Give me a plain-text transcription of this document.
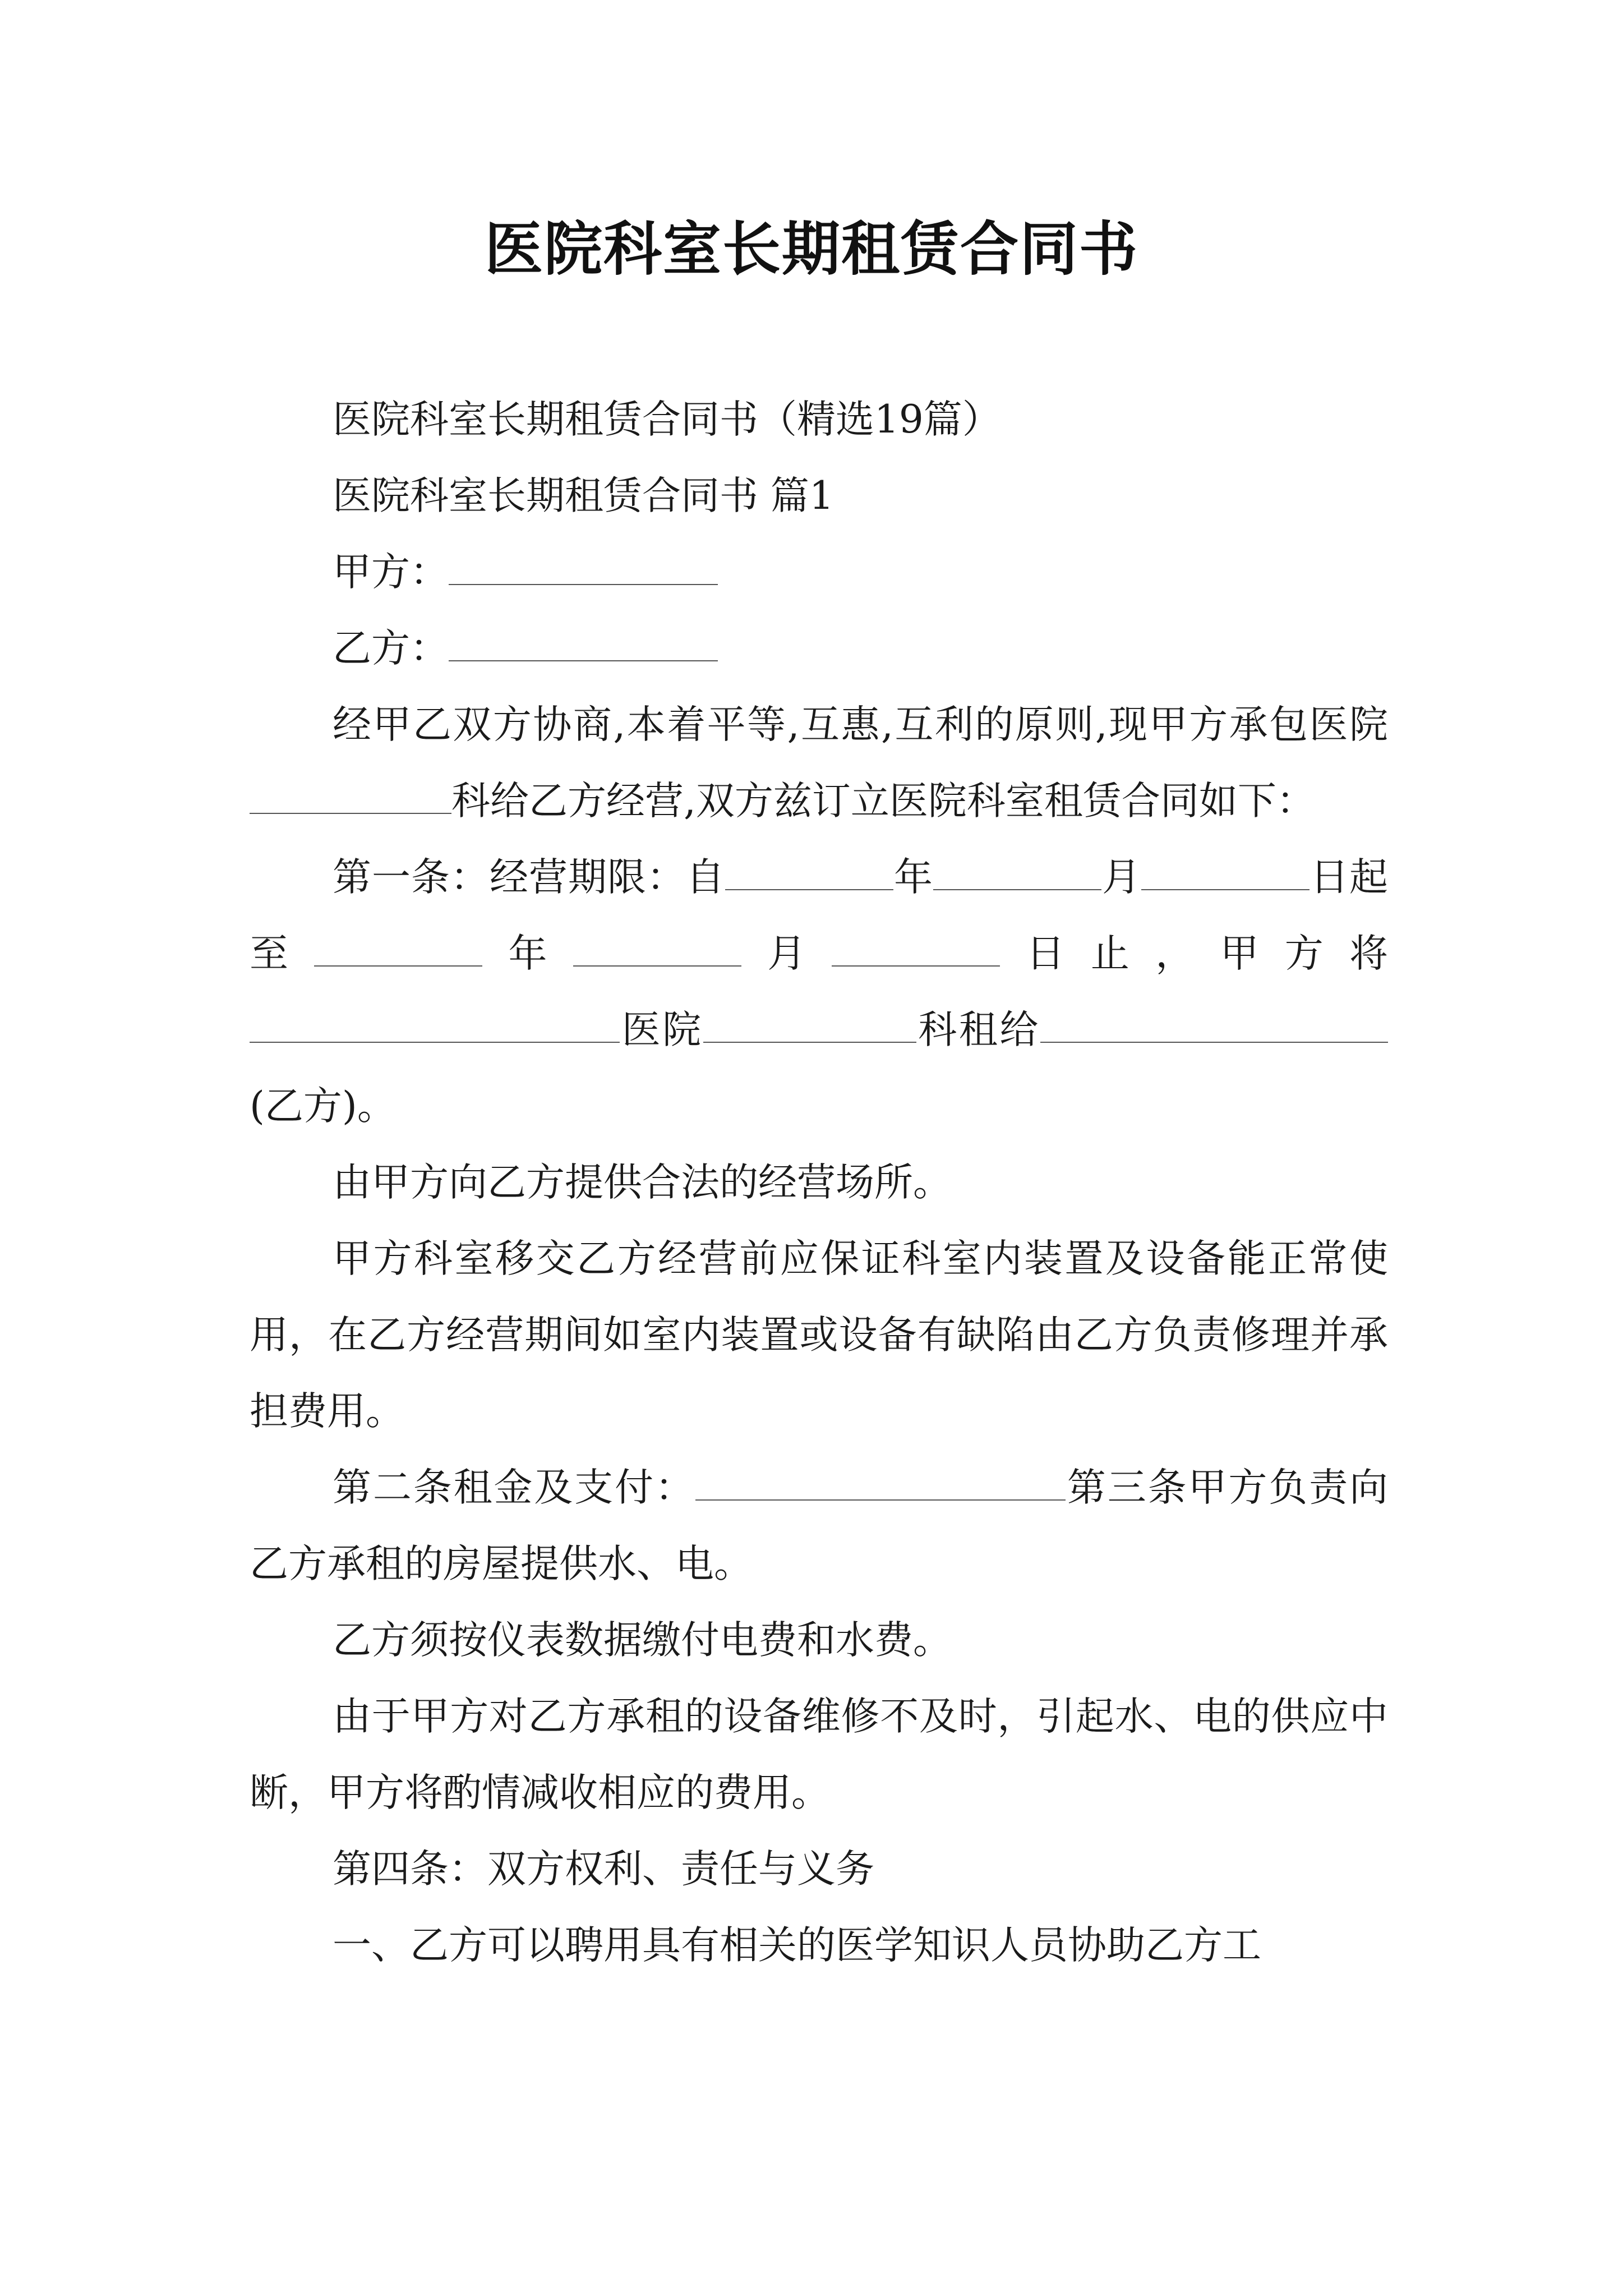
医院科室长期租赁合同书

医院科室长期租赁合同书（精选19篇）

医院科室长期租赁合同书 篇1

甲方：

乙方：

经甲乙双方协商,本着平等,互惠,互利的原则,现甲方承包医院科给乙方经营,双方兹订立医院科室租赁合同如下：

第一条：经营期限：自	年	月	日起至	年	月	日止，甲方将医院	科租给(乙方)。

由甲方向乙方提供合法的经营场所。

甲方科室移交乙方经营前应保证科室内装置及设备能正常使用，在乙方经营期间如室内装置或设备有缺陷由乙方负责修理并承担费用。

第二条租金及支付：	第三条甲方负责向乙方承租的房屋提供水、电。

乙方须按仪表数据缴付电费和水费。

由于甲方对乙方承租的设备维修不及时，引起水、电的供应中断，甲方将酌情减收相应的费用。

第四条：双方权利、责任与义务

一、乙方可以聘用具有相关的医学知识人员协助乙方工
